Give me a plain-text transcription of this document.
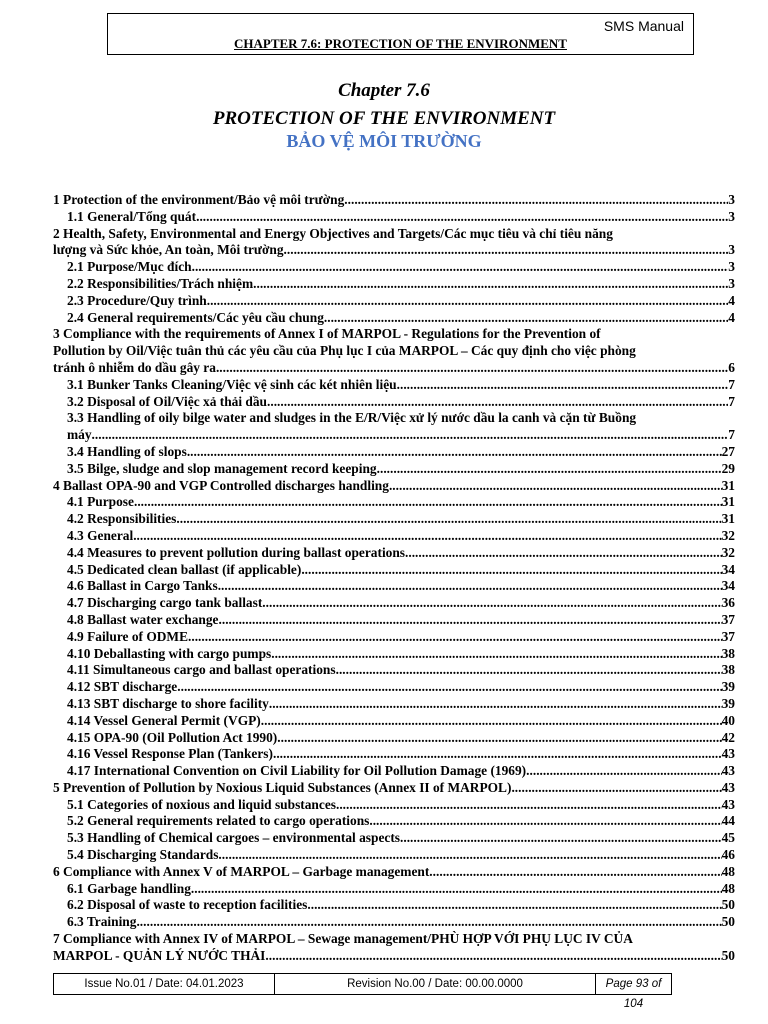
SMS Manual
CHAPTER 7.6: PROTECTION OF THE ENVIRONMENT
Chapter 7.6
PROTECTION OF THE ENVIRONMENT
BẢO VỆ MÔI TRƯỜNG
1 Protection of the environment/Bảo vệ môi trường .....	3
1.1 General/Tổng quát .....	3
2 Health, Safety, Environmental and Energy Objectives and Targets/Các mục tiêu và chỉ tiêu năng
lượng và Sức khỏe, An toàn, Môi trường .....	3
2.1 Purpose/Mục đích .....	3
2.2 Responsibilities/Trách nhiệm .....	3
2.3 Procedure/Quy trình .....	4
2.4 General requirements/Các yêu cầu chung .....	4
3 Compliance with the requirements of Annex I of MARPOL - Regulations for the Prevention of
Pollution by Oil/Việc tuân thủ các yêu cầu của Phụ lục I của MARPOL – Các quy định cho việc phòng
tránh ô nhiễm do dầu gây ra .....	6
3.1 Bunker Tanks Cleaning/Việc vệ sinh các két nhiên liệu .....	7
3.2 Disposal of Oil/Việc xả thải dầu .....	7
3.3 Handling of oily bilge water and sludges in the E/R/Việc xử lý nước dầu la canh và cặn từ Buồng
máy .....	7
3.4 Handling of slops .....	27
3.5 Bilge, sludge and slop management record keeping .....	29
4 Ballast OPA-90 and VGP Controlled discharges handling .....	31
4.1 Purpose .....	31
4.2 Responsibilities .....	31
4.3 General .....	32
4.4 Measures to prevent pollution during ballast operations .....	32
4.5 Dedicated clean ballast (if applicable) .....	34
4.6 Ballast in Cargo Tanks .....	34
4.7 Discharging cargo tank ballast .....	36
4.8 Ballast water exchange .....	37
4.9 Failure of ODME .....	37
4.10 Deballasting with cargo pumps .....	38
4.11 Simultaneous cargo and ballast operations .....	38
4.12 SBT discharge .....	39
4.13 SBT discharge to shore facility .....	39
4.14 Vessel General Permit (VGP) .....	40
4.15 OPA-90 (Oil Pollution Act 1990) .....	42
4.16 Vessel Response Plan (Tankers) .....	43
4.17 International Convention on Civil Liability for Oil Pollution Damage (1969) .....	43
5 Prevention of Pollution by Noxious Liquid Substances (Annex II of MARPOL) .....	43
5.1 Categories of noxious and liquid substances .....	43
5.2 General requirements related to cargo operations .....	44
5.3 Handling of Chemical cargoes – environmental aspects .....	45
5.4 Discharging Standards .....	46
6 Compliance with Annex V of MARPOL – Garbage management .....	48
6.1 Garbage handling .....	48
6.2 Disposal of waste to reception facilities .....	50
6.3 Training .....	50
7 Compliance with Annex IV of MARPOL – Sewage management/PHÙ HỢP VỚI PHỤ LỤC IV CỦA
MARPOL - QUẢN LÝ NƯỚC THẢI .....	50
Issue No.01 / Date: 04.01.2023	Revision No.00 / Date: 00.00.0000	Page 93 of 104
